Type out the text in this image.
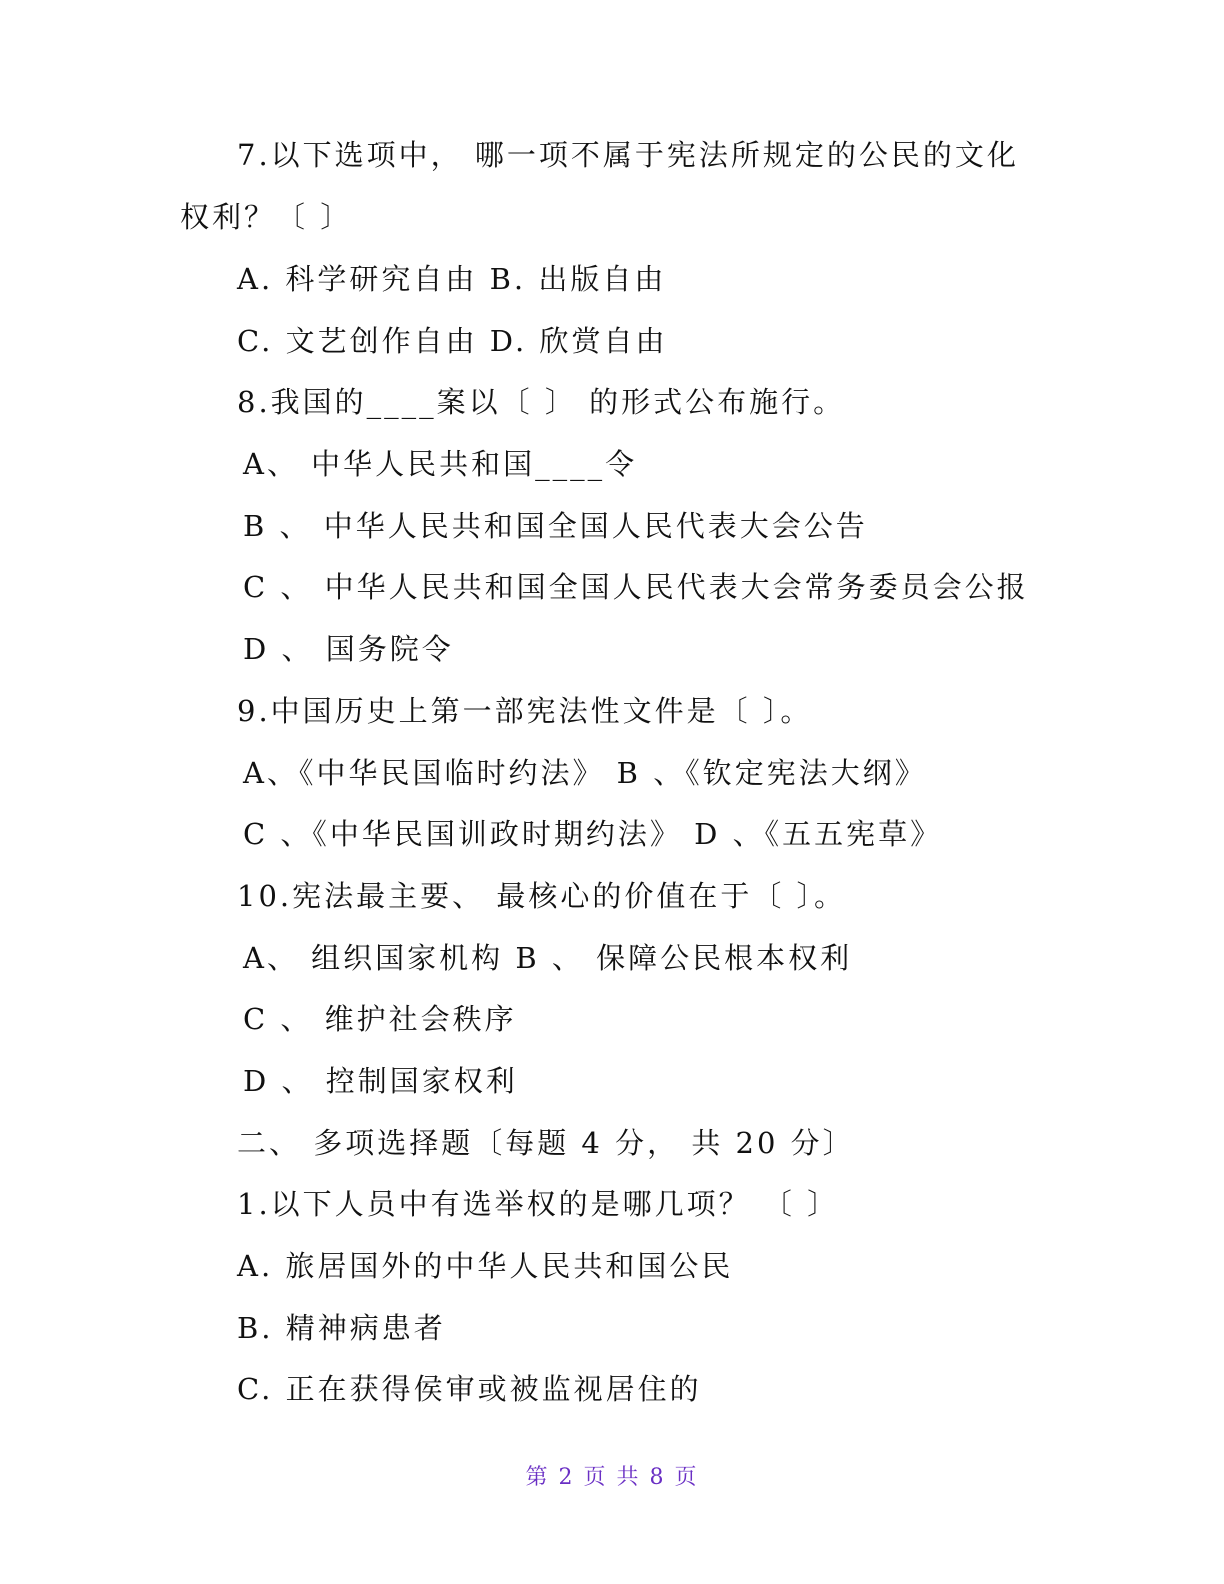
7.以下选项中， 哪一项不属于宪法所规定的公民的文化
权利？〔 〕
A. 科学研究自由 B. 出版自由
C. 文艺创作自由 D. 欣赏自由
8.我国的____案以〔 〕 的形式公布施行。
A、 中华人民共和国____令
B 、 中华人民共和国全国人民代表大会公告
C 、 中华人民共和国全国人民代表大会常务委员会公报
D 、 国务院令
9.中国历史上第一部宪法性文件是〔 〕。
A、《中华民国临时约法》 B 、《钦定宪法大纲》
C 、《中华民国训政时期约法》 D 、《五五宪草》
10.宪法最主要、 最核心的价值在于〔 〕。
A、 组织国家机构 B 、 保障公民根本权利
C 、 维护社会秩序
D 、 控制国家权利
二、 多项选择题〔每题 4 分， 共 20 分〕
1.以下人员中有选举权的是哪几项？ 〔 〕
A. 旅居国外的中华人民共和国公民
B. 精神病患者
C. 正在获得侯审或被监视居住的
第 2 页 共 8 页
